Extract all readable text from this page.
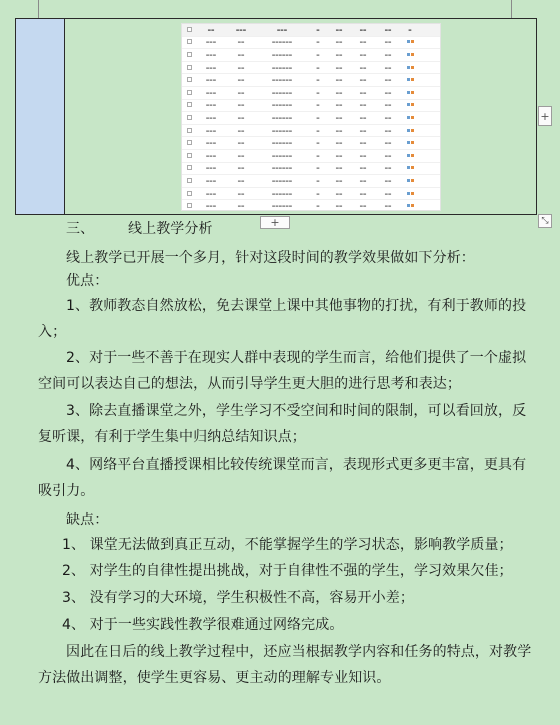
▬▬	▬▬▬	▬▬▬	▬	▬▬	▬▬	▬▬	▬
▬▬▬	▬▬	▬▬▬▬▬▬	▬	▬▬	▬▬	▬▬
▬▬▬	▬▬	▬▬▬▬▬▬	▬	▬▬	▬▬	▬▬
▬▬▬	▬▬	▬▬▬▬▬▬	▬	▬▬	▬▬	▬▬
▬▬▬	▬▬	▬▬▬▬▬▬	▬	▬▬	▬▬	▬▬
▬▬▬	▬▬	▬▬▬▬▬▬	▬	▬▬	▬▬	▬▬
▬▬▬	▬▬	▬▬▬▬▬▬	▬	▬▬	▬▬	▬▬
▬▬▬	▬▬	▬▬▬▬▬▬	▬	▬▬	▬▬	▬▬
▬▬▬	▬▬	▬▬▬▬▬▬	▬	▬▬	▬▬	▬▬
▬▬▬	▬▬	▬▬▬▬▬▬	▬	▬▬	▬▬	▬▬
▬▬▬	▬▬	▬▬▬▬▬▬	▬	▬▬	▬▬	▬▬
▬▬▬	▬▬	▬▬▬▬▬▬	▬	▬▬	▬▬	▬▬
▬▬▬	▬▬	▬▬▬▬▬▬	▬	▬▬	▬▬	▬▬
▬▬▬	▬▬	▬▬▬▬▬▬	▬	▬▬	▬▬	▬▬
▬▬▬	▬▬	▬▬▬▬▬▬	▬	▬▬	▬▬	▬▬
+
+	⤡
三、 线上教学分析
线上教学已开展一个多月，针对这段时间的教学效果做如下分析：
优点：
1、教师教态自然放松，免去课堂上课中其他事物的打扰，有利于教师的投
入；
2、对于一些不善于在现实人群中表现的学生而言，给他们提供了一个虚拟
空间可以表达自己的想法，从而引导学生更大胆的进行思考和表达；
3、除去直播课堂之外，学生学习不受空间和时间的限制，可以看回放，反
复听课，有利于学生集中归纳总结知识点；
4、网络平台直播授课相比较传统课堂而言，表现形式更多更丰富，更具有
吸引力。
缺点：
1、 课堂无法做到真正互动，不能掌握学生的学习状态，影响教学质量；
2、 对学生的自律性提出挑战，对于自律性不强的学生，学习效果欠佳；
3、 没有学习的大环境，学生积极性不高，容易开小差；
4、 对于一些实践性教学很难通过网络完成。
因此在日后的线上教学过程中，还应当根据教学内容和任务的特点，对教学
方法做出调整，使学生更容易、更主动的理解专业知识。
